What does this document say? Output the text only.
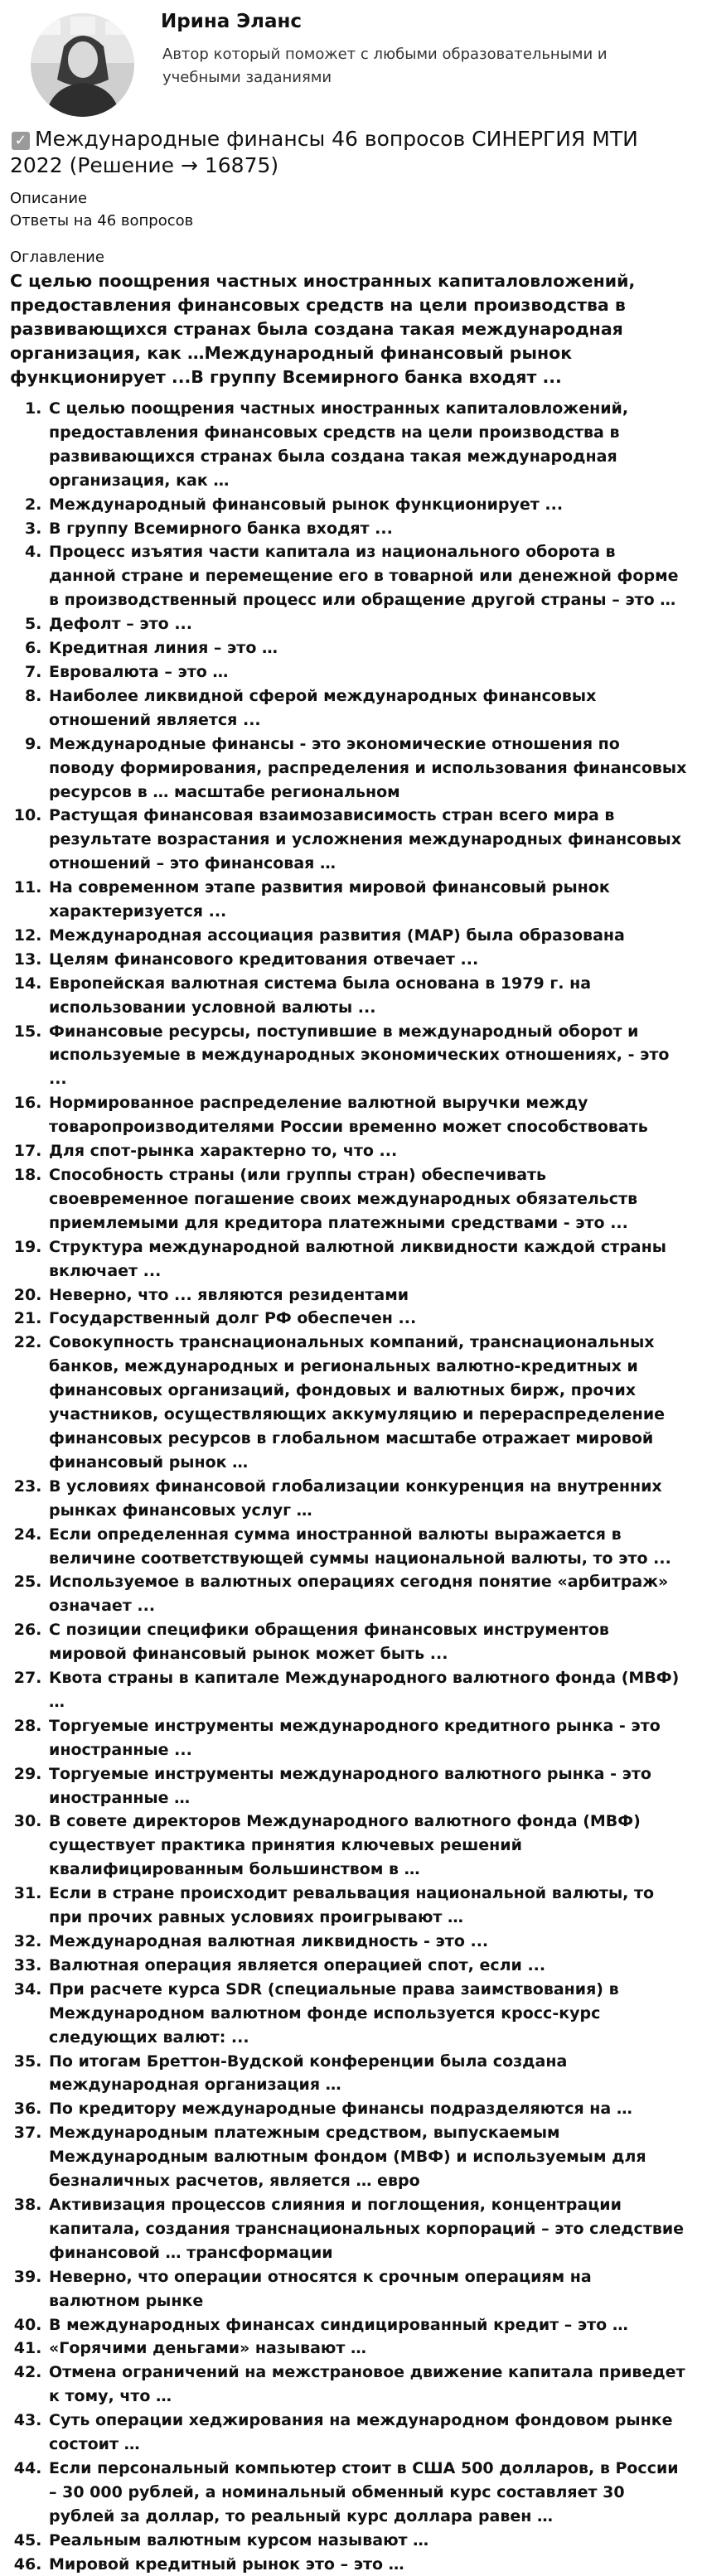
Ирина Эланс

Автор который поможет с любыми образовательными и учебными заданиями

✓ Международные финансы 46 вопросов СИНЕРГИЯ МТИ 2022 (Решение → 16875)
Описание
Ответы на 46 вопросов
Оглавление
С целью поощрения частных иностранных капиталовложений, предоставления финансовых средств на цели производства в развивающихся странах была создана такая международная организация, как …Международный финансовый рынок функционирует ...В группу Всемирного банка входят ...
1. С целью поощрения частных иностранных капиталовложений, предоставления финансовых средств на цели производства в развивающихся странах была создана такая международная организация, как …
2. Международный финансовый рынок функционирует ...
3. В группу Всемирного банка входят ...
4. Процесс изъятия части капитала из национального оборота в данной стране и перемещение его в товарной или денежной форме в производственный процесс или обращение другой страны – это …
5. Дефолт – это ...
6. Кредитная линия – это …
7. Евровалюта – это …
8. Наиболее ликвидной сферой международных финансовых отношений является ...
9. Международные финансы - это экономические отношения по поводу формирования, распределения и использования финансовых ресурсов в … масштабе региональном
10. Растущая финансовая взаимозависимость стран всего мира в результате возрастания и усложнения международных финансовых отношений – это финансовая …
11. На современном этапе развития мировой финансовый рынок характеризуется ...
12. Международная ассоциация развития (МАР) была образована
13. Целям финансового кредитования отвечает ...
14. Европейская валютная система была основана в 1979 г. на использовании условной валюты ...
15. Финансовые ресурсы, поступившие в международный оборот и используемые в международных экономических отношениях, - это ...
16. Нормированное распределение валютной выручки между товаропроизводителями России временно может способствовать
17. Для спот-рынка характерно то, что ...
18. Способность страны (или группы стран) обеспечивать своевременное погашение своих международных обязательств приемлемыми для кредитора платежными средствами - это ...
19. Структура международной валютной ликвидности каждой страны включает ...
20. Неверно, что ... являются резидентами
21. Государственный долг РФ обеспечен ...
22. Совокупность транснациональных компаний, транснациональных банков, международных и региональных валютно-кредитных и финансовых организаций, фондовых и валютных бирж, прочих участников, осуществляющих аккумуляцию и перераспределение финансовых ресурсов в глобальном масштабе отражает мировой финансовый рынок …
23. В условиях финансовой глобализации конкуренция на внутренних рынках финансовых услуг …
24. Если определенная сумма иностранной валюты выражается в величине соответствующей суммы национальной валюты, то это ...
25. Используемое в валютных операциях сегодня понятие «арбитраж» означает ...
26. С позиции специфики обращения финансовых инструментов мировой финансовый рынок может быть ...
27. Квота страны в капитале Международного валютного фонда (МВФ) …
28. Торгуемые инструменты международного кредитного рынка - это иностранные ...
29. Торгуемые инструменты международного валютного рынка - это иностранные …
30. В совете директоров Международного валютного фонда (МВФ) существует практика принятия ключевых решений квалифицированным большинством в …
31. Если в стране происходит ревальвация национальной валюты, то при прочих равных условиях проигрывают …
32. Международная валютная ликвидность - это ...
33. Валютная операция является операцией спот, если ...
34. При расчете курса SDR (специальные права заимствования) в Международном валютном фонде используется кросс-курс следующих валют: ...
35. По итогам Бреттон-Вудской конференции была создана международная организация …
36. По кредитору международные финансы подразделяются на …
37. Международным платежным средством, выпускаемым Международным валютным фондом (МВФ) и используемым для безналичных расчетов, является … евро
38. Активизация процессов слияния и поглощения, концентрации капитала, создания транснациональных корпораций – это следствие финансовой … трансформации
39. Неверно, что операции относятся к срочным операциям на валютном рынке
40. В международных финансах синдицированный кредит – это …
41. «Горячими деньгами» называют …
42. Отмена ограничений на межстрановое движение капитала приведет к тому, что …
43. Суть операции хеджирования на международном фондовом рынке состоит …
44. Если персональный компьютер стоит в США 500 долларов, в России – 30 000 рублей, а номинальный обменный курс составляет 30 рублей за доллар, то реальный курс доллара равен …
45. Реальным валютным курсом называют …
46. Мировой кредитный рынок это – это …
